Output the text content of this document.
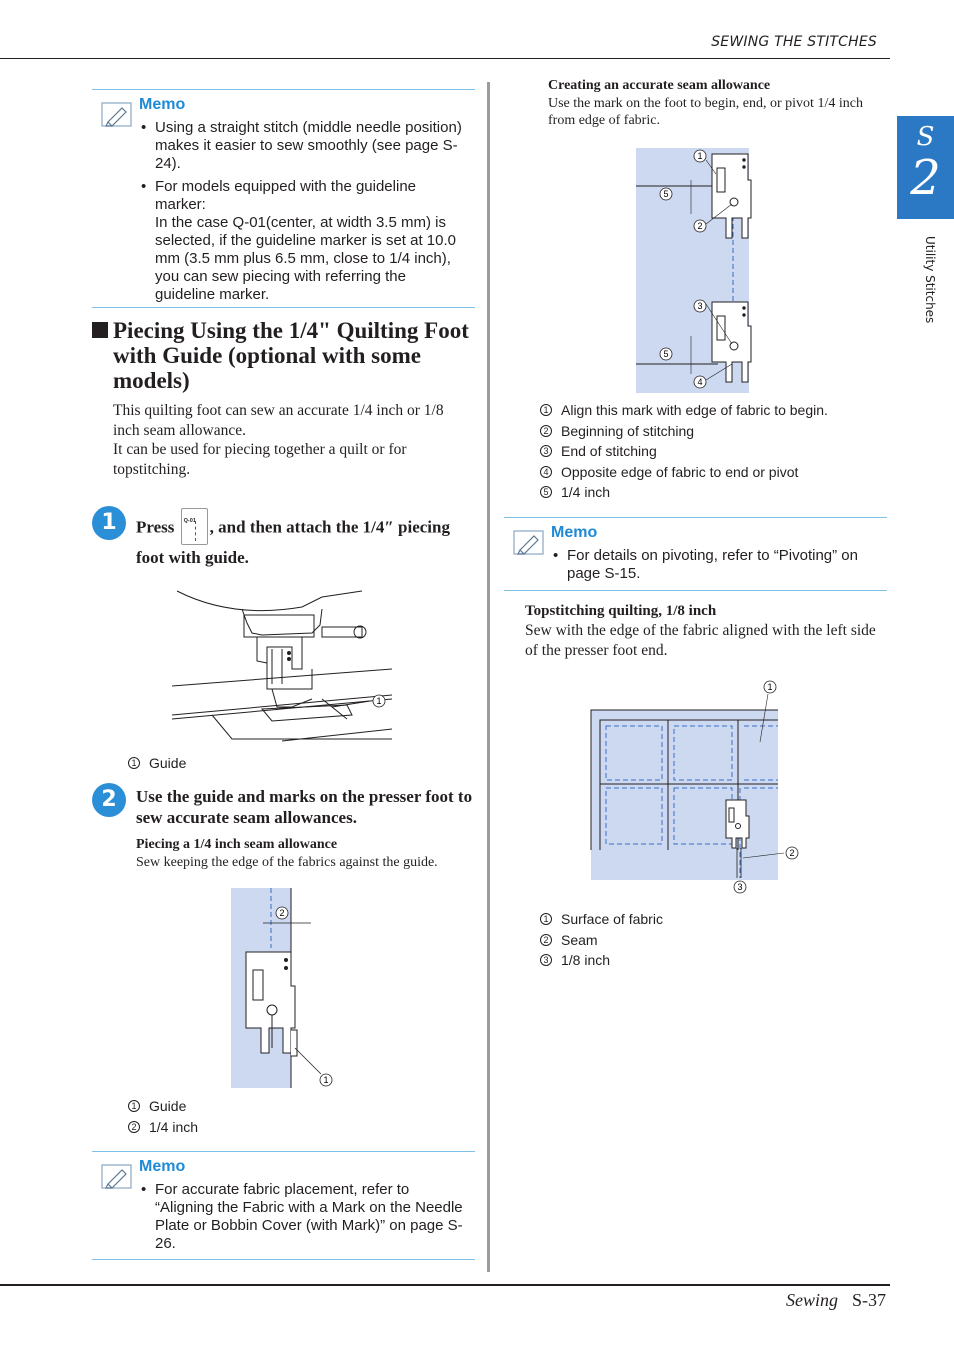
SEWING THE STITCHES
S
2
Utility Stitches
Memo
• Using a straight stitch (middle needle position) makes it easier to sew smoothly (see page S-24).
• For models equipped with the guideline marker:
In the case Q-01(center, at width 3.5 mm) is selected, if the guideline marker is set at 10.0 mm (3.5 mm plus 6.5 mm, close to 1/4 inch), you can sew piecing with referring the guideline marker.
Piecing Using the 1/4" Quilting Foot with Guide (optional with some models)
This quilting foot can sew an accurate 1/4 inch or 1/8 inch seam allowance.
It can be used for piecing together a quilt or for topstitching.
1	Press Q-01 , and then attach the 1/4″ piecing foot with guide.
1
1 Guide
2	Use the guide and marks on the presser foot to sew accurate seam allowances.
Piecing a 1/4 inch seam allowance
Sew keeping the edge of the fabrics against the guide.
2
1
1 Guide
2 1/4 inch
Memo
• For accurate fabric placement, refer to “Aligning the Fabric with a Mark on the Needle Plate or Bobbin Cover (with Mark)” on page S-26.
Creating an accurate seam allowance
Use the mark on the foot to begin, end, or pivot 1/4 inch from edge of fabric.
1
5
2
3
5
4
1 Align this mark with edge of fabric to begin.
2 Beginning of stitching
3 End of stitching
4 Opposite edge of fabric to end or pivot
5 1/4 inch
Memo
• For details on pivoting, refer to “Pivoting” on page S-15.
Topstitching quilting, 1/8 inch
Sew with the edge of the fabric aligned with the left side of the presser foot end.
1
2
3
1 Surface of fabric
2 Seam
3 1/8 inch
Sewing S-37
